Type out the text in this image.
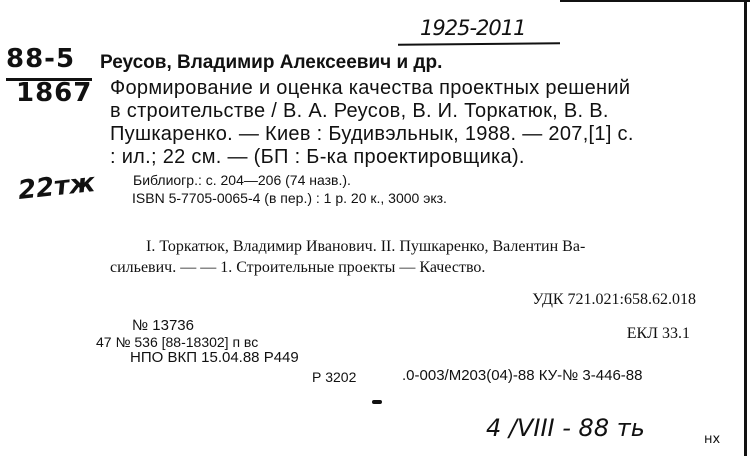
1925-2011
88-5
1867
22тж
Реусов, Владимир Алексеевич и др.
Формирование и оценка качества проектных решений
в строительстве / В. А. Реусов, В. И. Торкатюк, В. В.
Пушкаренко. — Киев : Будивэльнык, 1988. — 207,[1] с.
: ил.; 22 см. — (БП : Б-ка проектировщика).
Библиогр.: с. 204—206 (74 назв.).
ISBN 5-7705-0065-4 (в пер.) : 1 р. 20 к., 3000 экз.
I. Торкатюк, Владимир Иванович. II. Пушкаренко, Валентин Ва-
сильевич. — — 1. Строительные проекты — Качество.
УДК 721.021:658.62.018
№ 13736	ЕКЛ 33.1
47 № 536 [88-18302] п вс
НПО ВКП 15.04.88 Р449
Р 3202	.0-003/М203(04)-88 КУ-№ 3-446-88
4 /VIII - 88 ть	нх
